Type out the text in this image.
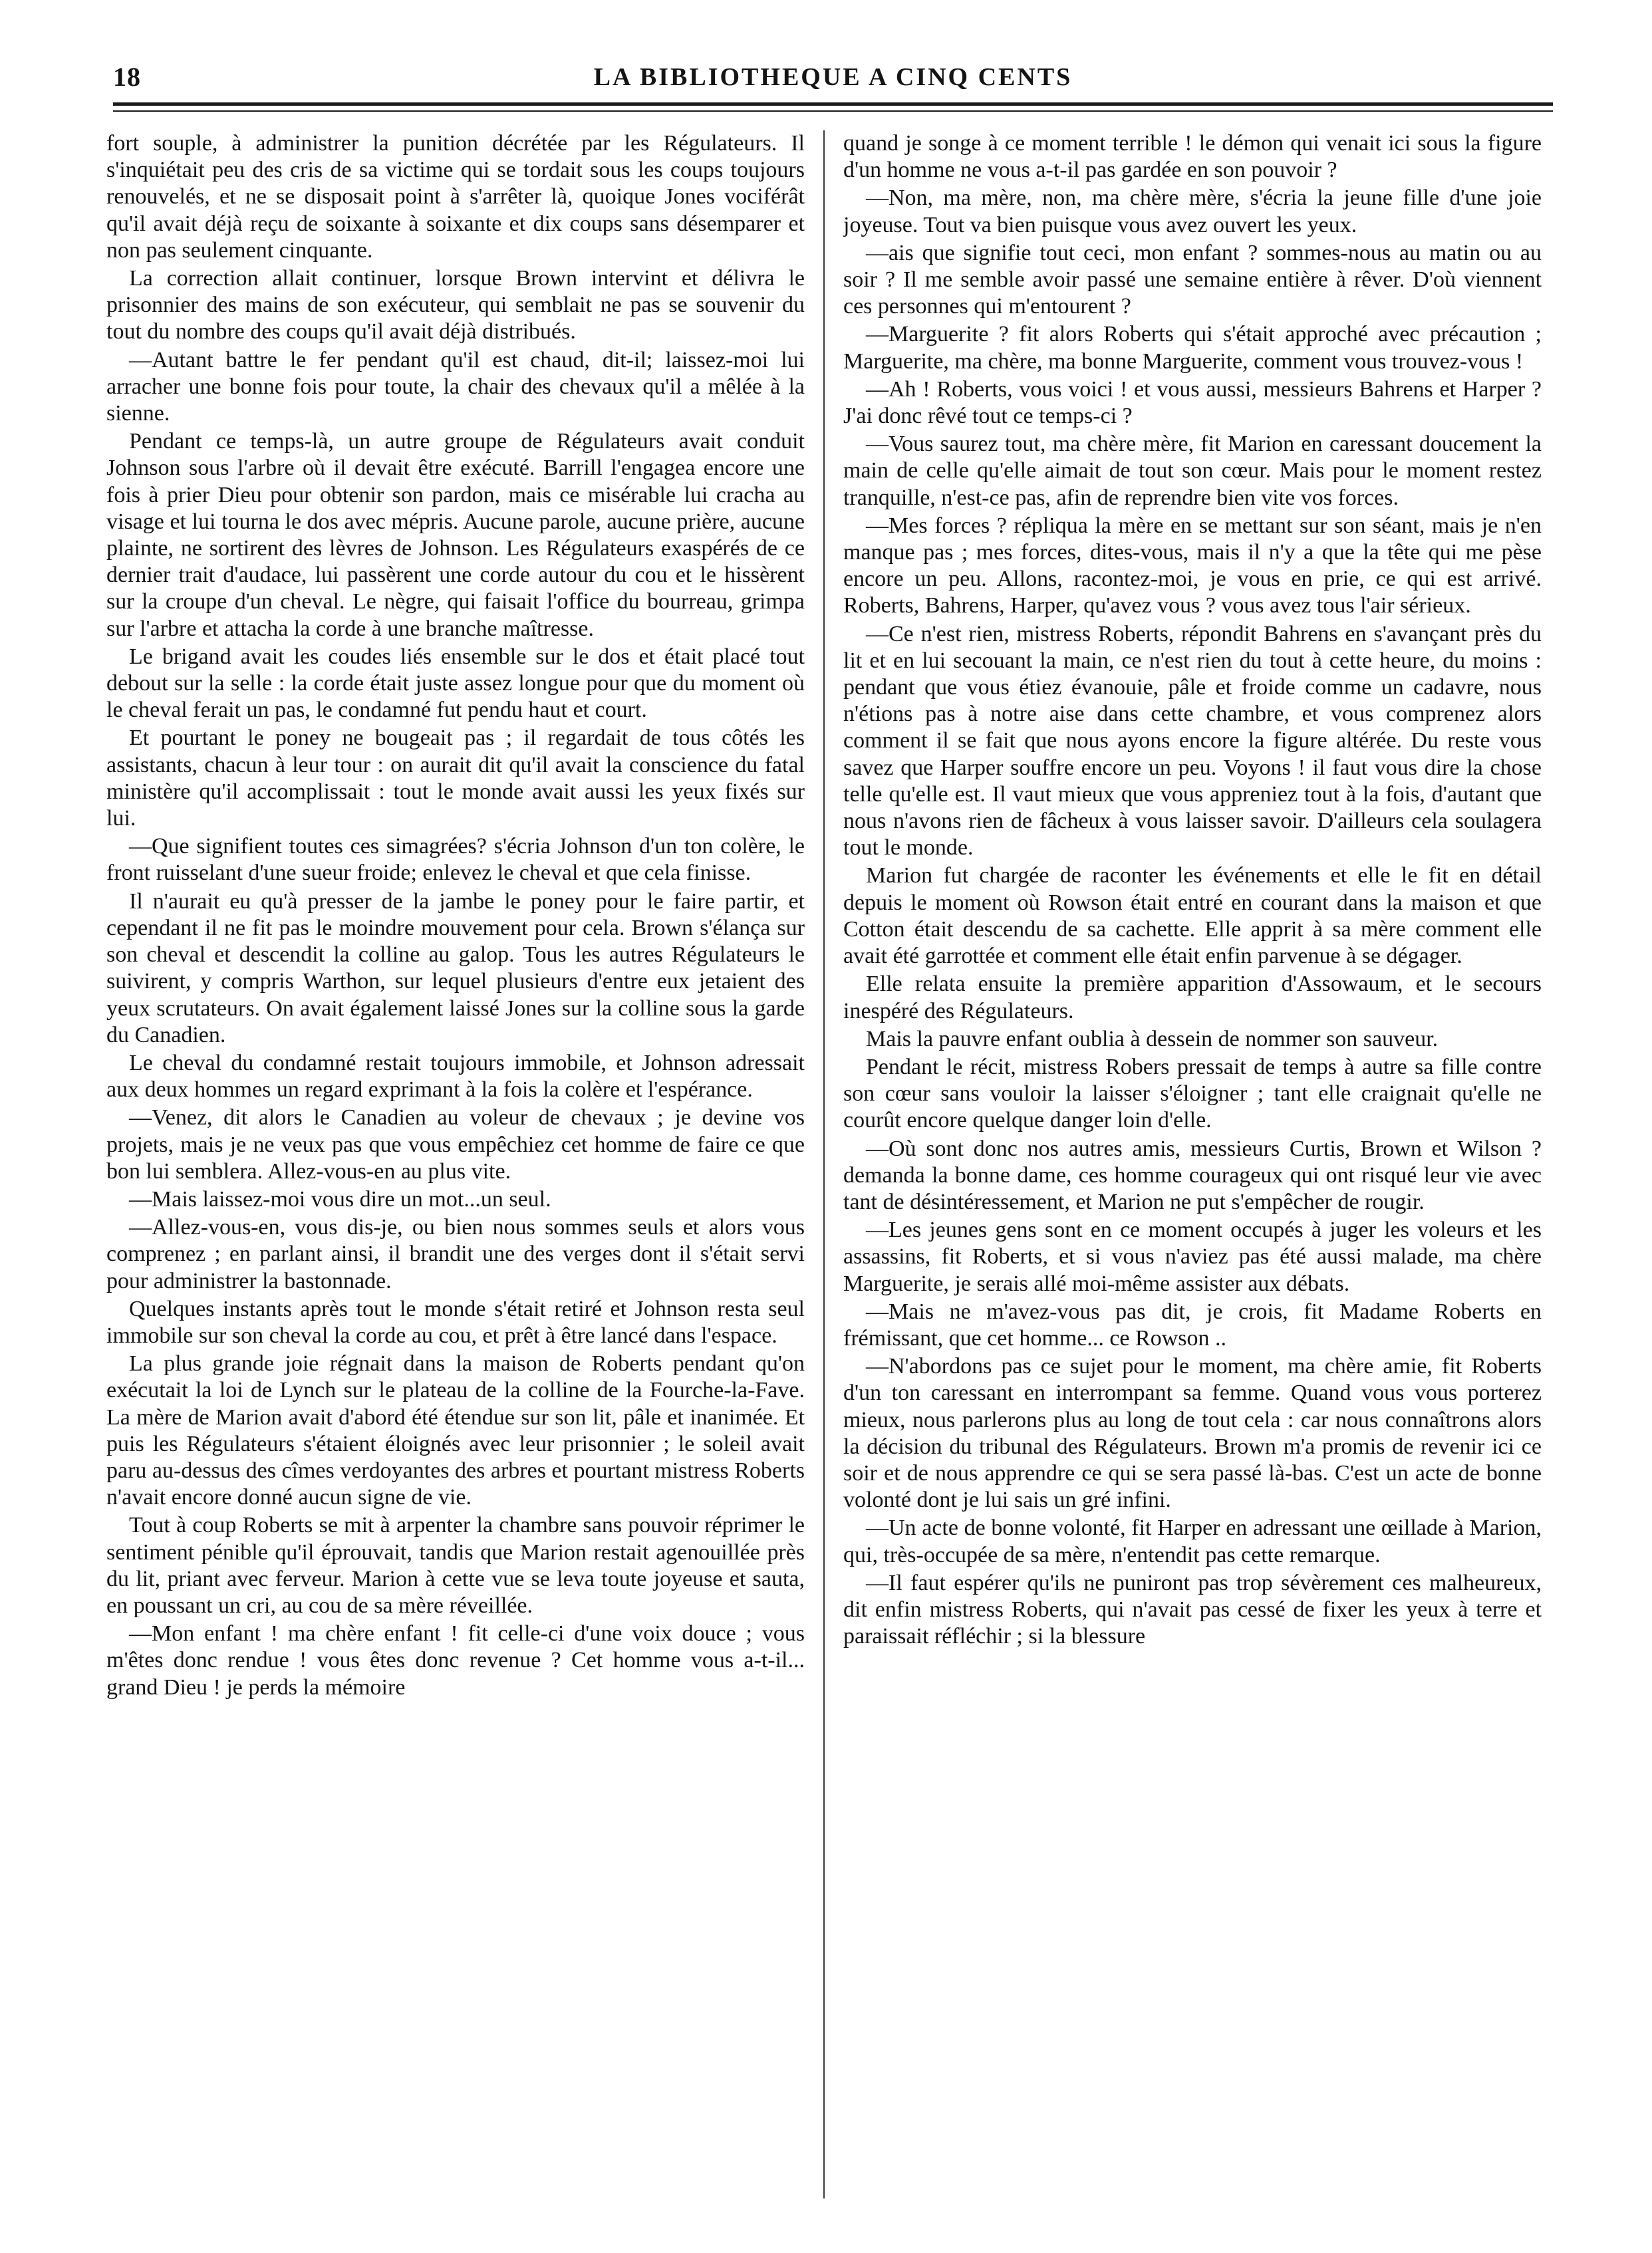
18	LA BIBLIOTHEQUE A CINQ CENTS

fort souple, à administrer la punition décrétée par les Régulateurs. Il s'inquiétait peu des cris de sa victime qui se tordait sous les coups toujours renouvelés, et ne se disposait point à s'arrêter là, quoique Jones vociférât qu'il avait déjà reçu de soixante à soixante et dix coups sans désemparer et non pas seulement cinquante.

La correction allait continuer, lorsque Brown intervint et délivra le prisonnier des mains de son exécuteur, qui semblait ne pas se souvenir du tout du nombre des coups qu'il avait déjà distribués.

—Autant battre le fer pendant qu'il est chaud, dit-il; laissez-moi lui arracher une bonne fois pour toute, la chair des chevaux qu'il a mêlée à la sienne.

Pendant ce temps-là, un autre groupe de Régulateurs avait conduit Johnson sous l'arbre où il devait être exécuté. Barrill l'engagea encore une fois à prier Dieu pour obtenir son pardon, mais ce misérable lui cracha au visage et lui tourna le dos avec mépris. Aucune parole, aucune prière, aucune plainte, ne sortirent des lèvres de Johnson. Les Régulateurs exaspérés de ce dernier trait d'audace, lui passèrent une corde autour du cou et le hissèrent sur la croupe d'un cheval. Le nègre, qui faisait l'office du bourreau, grimpa sur l'arbre et attacha la corde à une branche maîtresse.

Le brigand avait les coudes liés ensemble sur le dos et était placé tout debout sur la selle : la corde était juste assez longue pour que du moment où le cheval ferait un pas, le condamné fut pendu haut et court.

Et pourtant le poney ne bougeait pas ; il regardait de tous côtés les assistants, chacun à leur tour : on aurait dit qu'il avait la conscience du fatal ministère qu'il accomplissait : tout le monde avait aussi les yeux fixés sur lui.

—Que signifient toutes ces simagrées? s'écria Johnson d'un ton colère, le front ruisselant d'une sueur froide; enlevez le cheval et que cela finisse.

Il n'aurait eu qu'à presser de la jambe le poney pour le faire partir, et cependant il ne fit pas le moindre mouvement pour cela. Brown s'élança sur son cheval et descendit la colline au galop. Tous les autres Régulateurs le suivirent, y compris Warthon, sur lequel plusieurs d'entre eux jetaient des yeux scrutateurs. On avait également laissé Jones sur la colline sous la garde du Canadien.

Le cheval du condamné restait toujours immobile, et Johnson adressait aux deux hommes un regard exprimant à la fois la colère et l'espérance.

—Venez, dit alors le Canadien au voleur de chevaux ; je devine vos projets, mais je ne veux pas que vous empêchiez cet homme de faire ce que bon lui semblera. Allez-vous-en au plus vite.

—Mais laissez-moi vous dire un mot...un seul.

—Allez-vous-en, vous dis-je, ou bien nous sommes seuls et alors vous comprenez ; en parlant ainsi, il brandit une des verges dont il s'était servi pour administrer la bastonnade.

Quelques instants après tout le monde s'était retiré et Johnson resta seul immobile sur son cheval la corde au cou, et prêt à être lancé dans l'espace.

La plus grande joie régnait dans la maison de Roberts pendant qu'on exécutait la loi de Lynch sur le plateau de la colline de la Fourche-la-Fave. La mère de Marion avait d'abord été étendue sur son lit, pâle et inanimée. Et puis les Régulateurs s'étaient éloignés avec leur prisonnier ; le soleil avait paru au-dessus des cîmes verdoyantes des arbres et pourtant mistress Roberts n'avait encore donné aucun signe de vie.

Tout à coup Roberts se mit à arpenter la chambre sans pouvoir réprimer le sentiment pénible qu'il éprouvait, tandis que Marion restait agenouillée près du lit, priant avec ferveur. Marion à cette vue se leva toute joyeuse et sauta, en poussant un cri, au cou de sa mère réveillée.

—Mon enfant ! ma chère enfant ! fit celle-ci d'une voix douce ; vous m'êtes donc rendue ! vous êtes donc revenue ? Cet homme vous a-t-il... grand Dieu ! je perds la mémoire

quand je songe à ce moment terrible ! le démon qui venait ici sous la figure d'un homme ne vous a-t-il pas gardée en son pouvoir ?

—Non, ma mère, non, ma chère mère, s'écria la jeune fille d'une joie joyeuse. Tout va bien puisque vous avez ouvert les yeux.

—ais que signifie tout ceci, mon enfant ? sommes-nous au matin ou au soir ? Il me semble avoir passé une semaine entière à rêver. D'où viennent ces personnes qui m'entourent ?

—Marguerite ? fit alors Roberts qui s'était approché avec précaution ; Marguerite, ma chère, ma bonne Marguerite, comment vous trouvez-vous !

—Ah ! Roberts, vous voici ! et vous aussi, messieurs Bahrens et Harper ? J'ai donc rêvé tout ce temps-ci ?

—Vous saurez tout, ma chère mère, fit Marion en caressant doucement la main de celle qu'elle aimait de tout son cœur. Mais pour le moment restez tranquille, n'est-ce pas, afin de reprendre bien vite vos forces.

—Mes forces ? répliqua la mère en se mettant sur son séant, mais je n'en manque pas ; mes forces, dites-vous, mais il n'y a que la tête qui me pèse encore un peu. Allons, racontez-moi, je vous en prie, ce qui est arrivé. Roberts, Bahrens, Harper, qu'avez vous ? vous avez tous l'air sérieux.

—Ce n'est rien, mistress Roberts, répondit Bahrens en s'avançant près du lit et en lui secouant la main, ce n'est rien du tout à cette heure, du moins : pendant que vous étiez évanouie, pâle et froide comme un cadavre, nous n'étions pas à notre aise dans cette chambre, et vous comprenez alors comment il se fait que nous ayons encore la figure altérée. Du reste vous savez que Harper souffre encore un peu. Voyons ! il faut vous dire la chose telle qu'elle est. Il vaut mieux que vous appreniez tout à la fois, d'autant que nous n'avons rien de fâcheux à vous laisser savoir. D'ailleurs cela soulagera tout le monde.

Marion fut chargée de raconter les événements et elle le fit en détail depuis le moment où Rowson était entré en courant dans la maison et que Cotton était descendu de sa cachette. Elle apprit à sa mère comment elle avait été garrottée et comment elle était enfin parvenue à se dégager.

Elle relata ensuite la première apparition d'Assowaum, et le secours inespéré des Régulateurs.

Mais la pauvre enfant oublia à dessein de nommer son sauveur.

Pendant le récit, mistress Robers pressait de temps à autre sa fille contre son cœur sans vouloir la laisser s'éloigner ; tant elle craignait qu'elle ne courût encore quelque danger loin d'elle.

—Où sont donc nos autres amis, messieurs Curtis, Brown et Wilson ? demanda la bonne dame, ces homme courageux qui ont risqué leur vie avec tant de désintéressement, et Marion ne put s'empêcher de rougir.

—Les jeunes gens sont en ce moment occupés à juger les voleurs et les assassins, fit Roberts, et si vous n'aviez pas été aussi malade, ma chère Marguerite, je serais allé moi-même assister aux débats.

—Mais ne m'avez-vous pas dit, je crois, fit Madame Roberts en frémissant, que cet homme... ce Rowson ..

—N'abordons pas ce sujet pour le moment, ma chère amie, fit Roberts d'un ton caressant en interrompant sa femme. Quand vous vous porterez mieux, nous parlerons plus au long de tout cela : car nous connaîtrons alors la décision du tribunal des Régulateurs. Brown m'a promis de revenir ici ce soir et de nous apprendre ce qui se sera passé là-bas. C'est un acte de bonne volonté dont je lui sais un gré infini.

—Un acte de bonne volonté, fit Harper en adressant une œillade à Marion, qui, très-occupée de sa mère, n'entendit pas cette remarque.

—Il faut espérer qu'ils ne puniront pas trop sévèrement ces malheureux, dit enfin mistress Roberts, qui n'avait pas cessé de fixer les yeux à terre et paraissait réfléchir ; si la blessure
